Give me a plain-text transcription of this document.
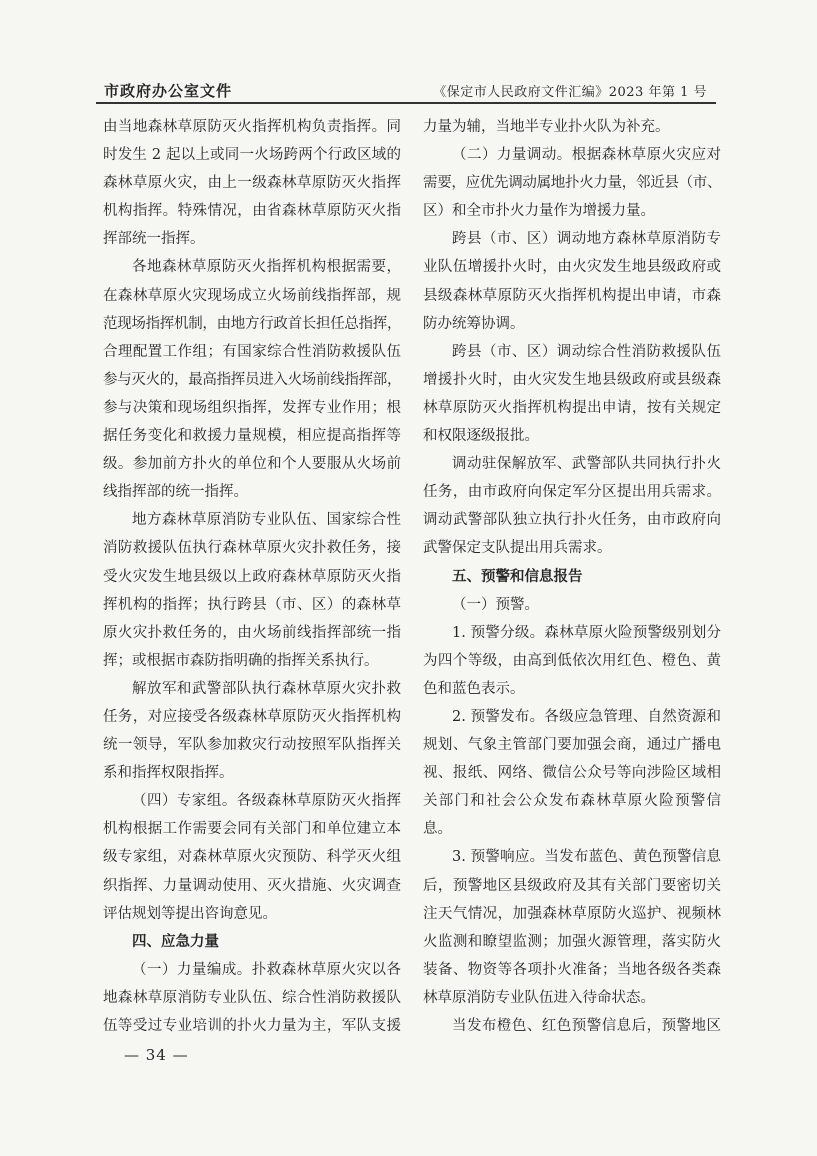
市政府办公室文件	《保定市人民政府文件汇编》2023 年第 1 号
由当地森林草原防灭火指挥机构负责指挥。同
时发生 2 起以上或同一火场跨两个行政区域的
森林草原火灾，由上一级森林草原防灭火指挥
机构指挥。特殊情况，由省森林草原防灭火指
挥部统一指挥。
各地森林草原防灭火指挥机构根据需要，
在森林草原火灾现场成立火场前线指挥部，规
范现场指挥机制，由地方行政首长担任总指挥，
合理配置工作组；有国家综合性消防救援队伍
参与灭火的，最高指挥员进入火场前线指挥部，
参与决策和现场组织指挥，发挥专业作用；根
据任务变化和救援力量规模，相应提高指挥等
级。参加前方扑火的单位和个人要服从火场前
线指挥部的统一指挥。
地方森林草原消防专业队伍、国家综合性
消防救援队伍执行森林草原火灾扑救任务，接
受火灾发生地县级以上政府森林草原防灭火指
挥机构的指挥；执行跨县（市、区）的森林草
原火灾扑救任务的，由火场前线指挥部统一指
挥；或根据市森防指明确的指挥关系执行。
解放军和武警部队执行森林草原火灾扑救
任务，对应接受各级森林草原防灭火指挥机构
统一领导，军队参加救灾行动按照军队指挥关
系和指挥权限指挥。
（四）专家组。各级森林草原防灭火指挥
机构根据工作需要会同有关部门和单位建立本
级专家组，对森林草原火灾预防、科学灭火组
织指挥、力量调动使用、灭火措施、火灾调查
评估规划等提出咨询意见。
四、应急力量
（一）力量编成。扑救森林草原火灾以各
地森林草原消防专业队伍、综合性消防救援队
伍等受过专业培训的扑火力量为主，军队支援
力量为辅，当地半专业扑火队为补充。
（二）力量调动。根据森林草原火灾应对
需要，应优先调动属地扑火力量，邻近县（市、
区）和全市扑火力量作为增援力量。
跨县（市、区）调动地方森林草原消防专
业队伍增援扑火时，由火灾发生地县级政府或
县级森林草原防灭火指挥机构提出申请，市森
防办统筹协调。
跨县（市、区）调动综合性消防救援队伍
增援扑火时，由火灾发生地县级政府或县级森
林草原防灭火指挥机构提出申请，按有关规定
和权限逐级报批。
调动驻保解放军、武警部队共同执行扑火
任务，由市政府向保定军分区提出用兵需求。
调动武警部队独立执行扑火任务，由市政府向
武警保定支队提出用兵需求。
五、预警和信息报告
（一）预警。
1. 预警分级。森林草原火险预警级别划分
为四个等级，由高到低依次用红色、橙色、黄
色和蓝色表示。
2. 预警发布。各级应急管理、自然资源和
规划、气象主管部门要加强会商，通过广播电
视、报纸、网络、微信公众号等向涉险区域相
关部门和社会公众发布森林草原火险预警信
息。
3. 预警响应。当发布蓝色、黄色预警信息
后，预警地区县级政府及其有关部门要密切关
注天气情况，加强森林草原防火巡护、视频林
火监测和瞭望监测；加强火源管理，落实防火
装备、物资等各项扑火准备；当地各级各类森
林草原消防专业队伍进入待命状态。
当发布橙色、红色预警信息后，预警地区
— 34 —
